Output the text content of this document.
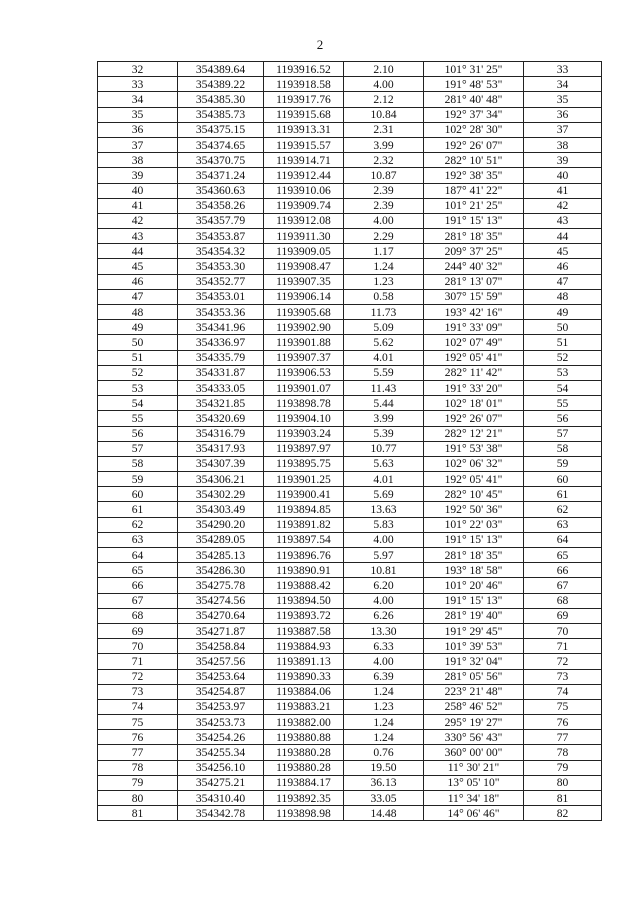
2
32	354389.64	1193916.52	2.10	101° 31' 25"	33
33	354389.22	1193918.58	4.00	191° 48' 53"	34
34	354385.30	1193917.76	2.12	281° 40' 48"	35
35	354385.73	1193915.68	10.84	192° 37' 34"	36
36	354375.15	1193913.31	2.31	102° 28' 30"	37
37	354374.65	1193915.57	3.99	192° 26' 07"	38
38	354370.75	1193914.71	2.32	282° 10' 51"	39
39	354371.24	1193912.44	10.87	192° 38' 35"	40
40	354360.63	1193910.06	2.39	187° 41' 22"	41
41	354358.26	1193909.74	2.39	101° 21' 25"	42
42	354357.79	1193912.08	4.00	191° 15' 13"	43
43	354353.87	1193911.30	2.29	281° 18' 35"	44
44	354354.32	1193909.05	1.17	209° 37' 25"	45
45	354353.30	1193908.47	1.24	244° 40' 32"	46
46	354352.77	1193907.35	1.23	281° 13' 07"	47
47	354353.01	1193906.14	0.58	307° 15' 59"	48
48	354353.36	1193905.68	11.73	193° 42' 16"	49
49	354341.96	1193902.90	5.09	191° 33' 09"	50
50	354336.97	1193901.88	5.62	102° 07' 49"	51
51	354335.79	1193907.37	4.01	192° 05' 41"	52
52	354331.87	1193906.53	5.59	282° 11' 42"	53
53	354333.05	1193901.07	11.43	191° 33' 20"	54
54	354321.85	1193898.78	5.44	102° 18' 01"	55
55	354320.69	1193904.10	3.99	192° 26' 07"	56
56	354316.79	1193903.24	5.39	282° 12' 21"	57
57	354317.93	1193897.97	10.77	191° 53' 38"	58
58	354307.39	1193895.75	5.63	102° 06' 32"	59
59	354306.21	1193901.25	4.01	192° 05' 41"	60
60	354302.29	1193900.41	5.69	282° 10' 45"	61
61	354303.49	1193894.85	13.63	192° 50' 36"	62
62	354290.20	1193891.82	5.83	101° 22' 03"	63
63	354289.05	1193897.54	4.00	191° 15' 13"	64
64	354285.13	1193896.76	5.97	281° 18' 35"	65
65	354286.30	1193890.91	10.81	193° 18' 58"	66
66	354275.78	1193888.42	6.20	101° 20' 46"	67
67	354274.56	1193894.50	4.00	191° 15' 13"	68
68	354270.64	1193893.72	6.26	281° 19' 40"	69
69	354271.87	1193887.58	13.30	191° 29' 45"	70
70	354258.84	1193884.93	6.33	101° 39' 53"	71
71	354257.56	1193891.13	4.00	191° 32' 04"	72
72	354253.64	1193890.33	6.39	281° 05' 56"	73
73	354254.87	1193884.06	1.24	223° 21' 48"	74
74	354253.97	1193883.21	1.23	258° 46' 52"	75
75	354253.73	1193882.00	1.24	295° 19' 27"	76
76	354254.26	1193880.88	1.24	330° 56' 43"	77
77	354255.34	1193880.28	0.76	360° 00' 00"	78
78	354256.10	1193880.28	19.50	11° 30' 21"	79
79	354275.21	1193884.17	36.13	13° 05' 10"	80
80	354310.40	1193892.35	33.05	11° 34' 18"	81
81	354342.78	1193898.98	14.48	14° 06' 46"	82
